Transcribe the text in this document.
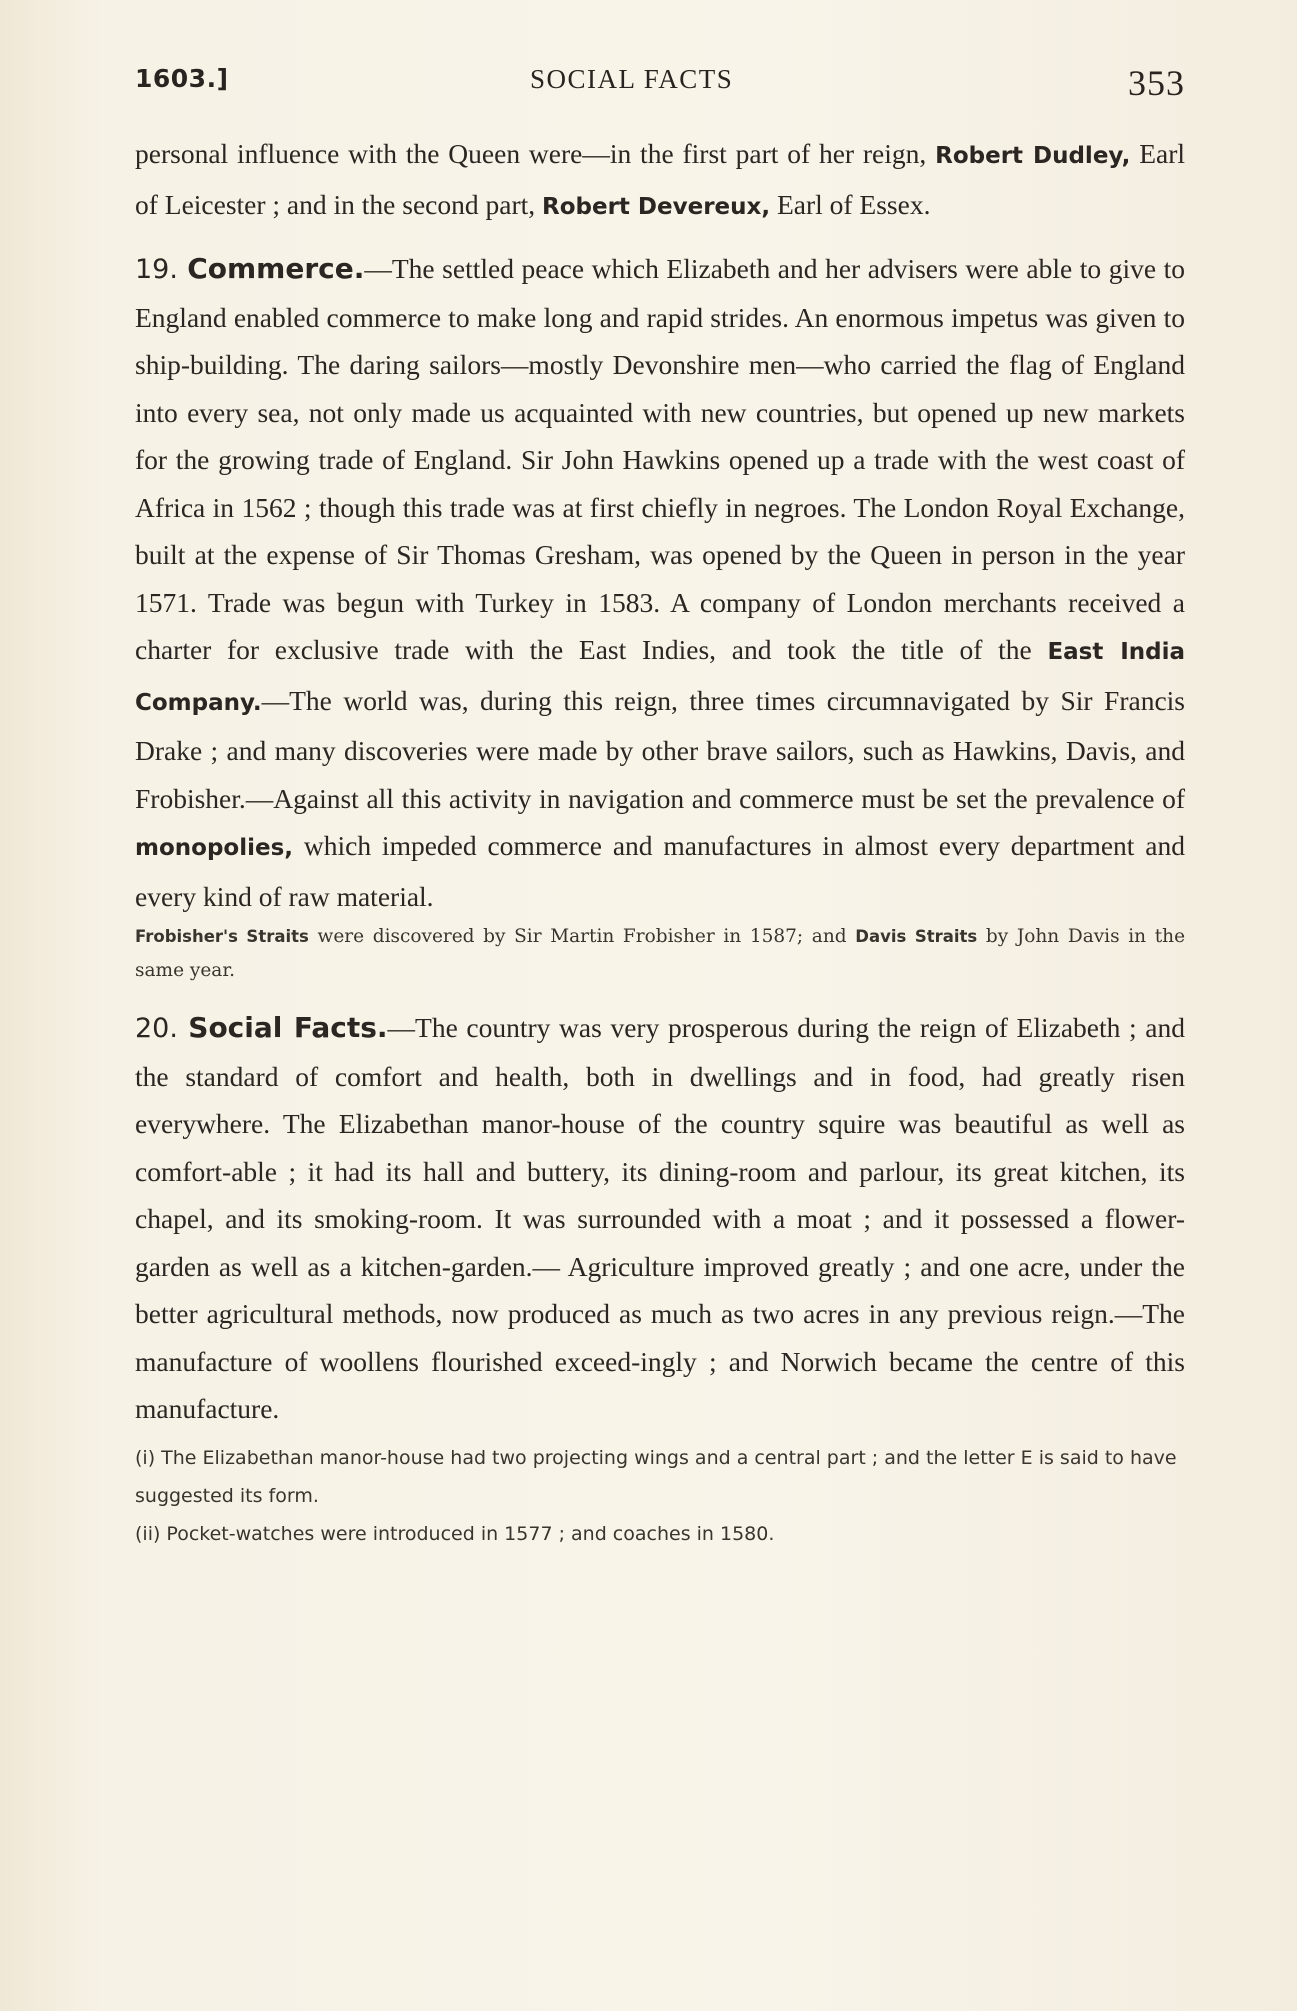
1603.]	SOCIAL FACTS	353

personal influence with the Queen were—in the first part of her reign, Robert Dudley, Earl of Leicester ; and in the second part, Robert Devereux, Earl of Essex.

19. Commerce.—The settled peace which Elizabeth and her advisers were able to give to England enabled commerce to make long and rapid strides. An enormous impetus was given to ship-building. The daring sailors—mostly Devonshire men—who carried the flag of England into every sea, not only made us acquainted with new countries, but opened up new markets for the growing trade of England. Sir John Hawkins opened up a trade with the west coast of Africa in 1562 ; though this trade was at first chiefly in negroes. The London Royal Exchange, built at the expense of Sir Thomas Gresham, was opened by the Queen in person in the year 1571. Trade was begun with Turkey in 1583. A company of London merchants received a charter for exclusive trade with the East Indies, and took the title of the East India Company.—The world was, during this reign, three times circumnavigated by Sir Francis Drake ; and many discoveries were made by other brave sailors, such as Hawkins, Davis, and Frobisher.—Against all this activity in navigation and commerce must be set the prevalence of monopolies, which impeded commerce and manufactures in almost every department and every kind of raw material.

Frobisher's Straits were discovered by Sir Martin Frobisher in 1587; and Davis Straits by John Davis in the same year.

20. Social Facts.—The country was very prosperous during the reign of Elizabeth ; and the standard of comfort and health, both in dwellings and in food, had greatly risen everywhere. The Elizabethan manor-house of the country squire was beautiful as well as comfort-able ; it had its hall and buttery, its dining-room and parlour, its great kitchen, its chapel, and its smoking-room. It was surrounded with a moat ; and it possessed a flower-garden as well as a kitchen-garden.— Agriculture improved greatly ; and one acre, under the better agricultural methods, now produced as much as two acres in any previous reign.—The manufacture of woollens flourished exceed-ingly ; and Norwich became the centre of this manufacture.

(i) The Elizabethan manor-house had two projecting wings and a central part ; and the letter E is said to have suggested its form.

(ii) Pocket-watches were introduced in 1577 ; and coaches in 1580.
